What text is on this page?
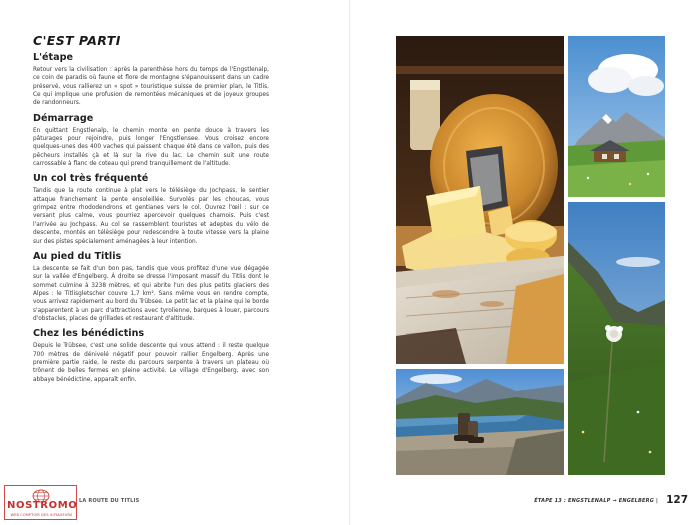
C'EST PARTI
L'étape

Retour vers la civilisation : après la parenthèse hors du temps de l'Engstlenalp, ce coin de paradis où faune et flore de montagne s'épanouissent dans un cadre préservé, vous rallierez un « spot » touristique suisse de premier plan, le Titlis. Ce qui implique une profusion de remontées mécaniques et de joyeux groupes de randonneurs.

Démarrage

En quittant Engstlenalp, le chemin monte en pente douce à travers les pâturages pour rejoindre, puis longer l'Engstlensee. Vous croisez encore quelques-unes des 400 vaches qui paissent chaque été dans ce vallon, puis des pêcheurs installés çà et là sur la rive du lac. Le chemin suit une route carrossable à flanc de coteau qui prend tranquillement de l'altitude.

Un col très fréquenté

Tandis que la route continue à plat vers le télésiège du Jochpass, le sentier attaque franchement la pente ensoleillée. Survolés par les choucas, vous grimpez entre rhododendrons et gentianes vers le col. Ouvrez l'œil : sur ce versant plus calme, vous pourriez apercevoir quelques chamois. Puis c'est l'arrivée au Jochpass. Au col se rassemblent touristes et adeptes du vélo de descente, montés en télésiège pour redescendre à toute vitesse vers la plaine sur des pistes spécialement aménagées à leur intention.

Au pied du Titlis

La descente se fait d'un bon pas, tandis que vous profitez d'une vue dégagée sur la vallée d'Engelberg. À droite se dresse l'imposant massif du Titlis dont le sommet culmine à 3238 mètres, et qui abrite l'un des plus petits glaciers des Alpes : le Titlisgletscher couvre 1,7 km². Sans même vous en rendre compte, vous arrivez rapidement au bord du Trübsee. Le petit lac et la plaine qui le borde s'apparentent à un parc d'attractions avec tyrolienne, barques à louer, parcours d'obstacles, places de grillades et restaurant d'altitude.

Chez les bénédictins

Depuis le Trübsee, c'est une solide descente qui vous attend : il reste quelque 700 mètres de dénivelé négatif pour pouvoir rallier Engelberg. Après une première partie raide, le reste du parcours serpente à travers un plateau où trônent de belles fermes en pleine activité. Le village d'Engelberg, avec son abbaye bénédictine, apparaît enfin.

NOSTROMO
WEB COMPTOIR DES VOYAGEURS
LA ROUTE DU TITLIS	ÉTAPE 13 : ENGSTLENALP → ENGELBERG | 127
